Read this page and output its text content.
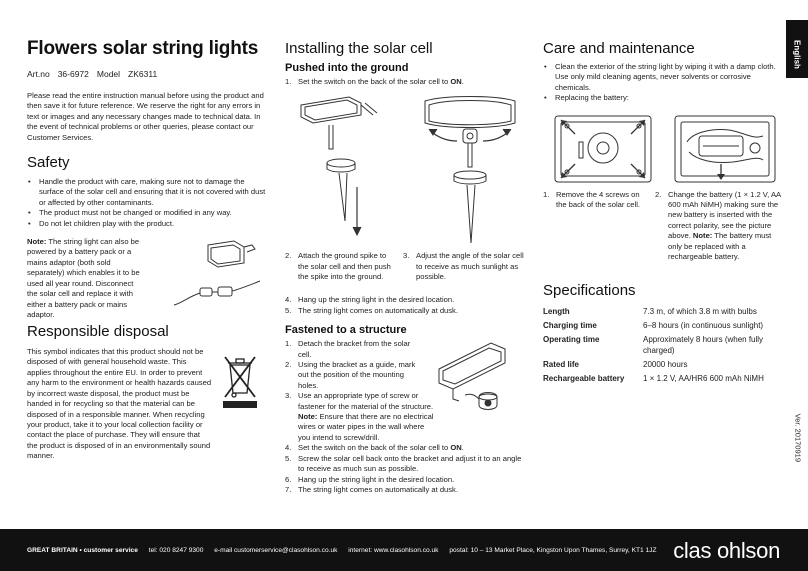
Flowers solar string lights
Art.no 36-6972 Model ZK6311

Please read the entire instruction manual before using the product and then save it for future reference. We reserve the right for any errors in text or images and any necessary changes made to technical data. In the event of technical problems or other queries, please contact our Customer Services.

Safety
• Handle the product with care, making sure not to damage the surface of the solar cell and ensuring that it is not covered with dust or affected by other contaminants.
• The product must not be changed or modified in any way.
• Do not let children play with the product.

Note: The string light can also be powered by a battery pack or a mains adaptor (both sold separately) which enables it to be used all year round. Disconnect the solar cell and replace it with either a battery pack or mains adaptor.

Responsible disposal

This symbol indicates that this product should not be disposed of with general household waste. This applies throughout the entire EU. In order to prevent any harm to the environment or health hazards caused by incorrect waste disposal, the product must be handed in for recycling so that the material can be disposed of in a responsible manner. When recycling your product, take it to your local collection facility or contact the place of purchase. They will ensure that the product is disposed of in an environmentally sound manner.

Installing the solar cell
Pushed into the ground
1. Set the switch on the back of the solar cell to ON.
2. Attach the ground spike to the solar cell and then push the spike into the ground.
3. Adjust the angle of the solar cell to receive as much sunlight as possible.
4. Hang up the string light in the desired location.
5. The string light comes on automatically at dusk.
Fastened to a structure
1. Detach the bracket from the solar cell.
2. Using the bracket as a guide, mark out the position of the mounting holes.
3. Use an appropriate type of screw or fastener for the material of the structure. Note: Ensure that there are no electrical wires or water pipes in the wall where you intend to screw/drill.
4. Set the switch on the back of the solar cell to ON.
5. Screw the solar cell back onto the bracket and adjust it to an angle to receive as much sun as possible.
6. Hang up the string light in the desired location.
7. The string light comes on automatically at dusk.
Care and maintenance
• Clean the exterior of the string light by wiping it with a damp cloth. Use only mild cleaning agents, never solvents or corrosive chemicals.
• Replacing the battery:
1. Remove the 4 screws on the back of the solar cell.
2. Change the battery (1 × 1.2 V, AA 600 mAh NiMH) making sure the new battery is inserted with the correct polarity, see the picture above. Note: The battery must only be replaced with a rechargeable battery.
Specifications
Length	7.3 m, of which 3.8 m with bulbs
Charging time	6–8 hours (in continuous sunlight)
Operating time	Approximately 8 hours (when fully charged)
Rated life	20000 hours
Rechargeable battery	1 × 1.2 V, AA/HR6 600 mAh NiMH
English
Ver. 20170919
GREAT BRITAIN • customer service tel: 020 8247 9300 e-mail customerservice@clasohlson.co.uk internet: www.clasohlson.co.uk postal: 10 – 13 Market Place, Kingston Upon Thames, Surrey, KT1 1JZ clas ohlson
